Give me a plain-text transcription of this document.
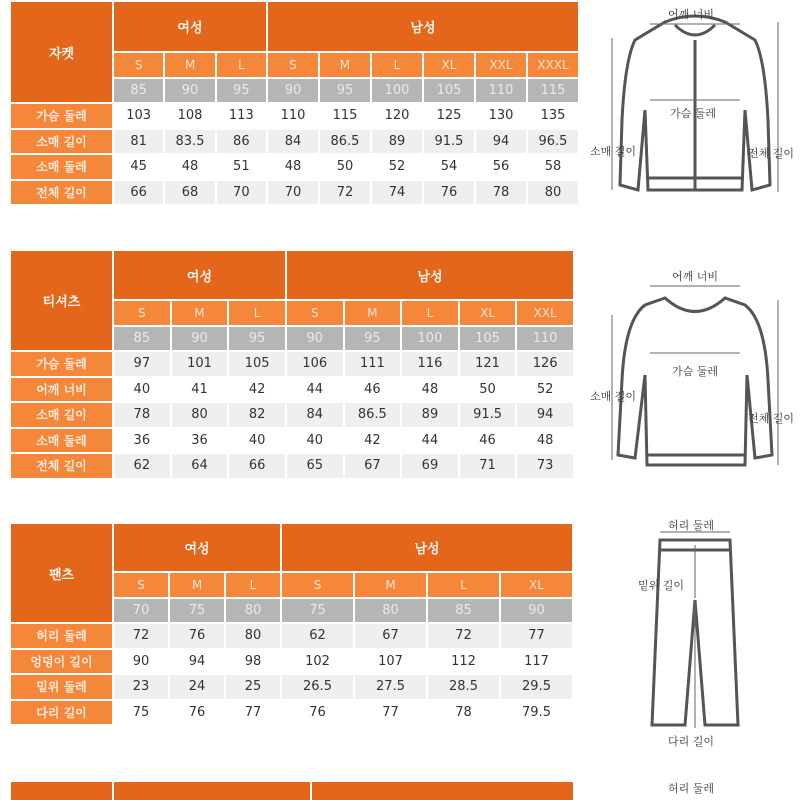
자켓
여성	남성
S	M	L	S	M	L	XL	XXL	XXXL
85	90	95	90	95	100	105	110	115
가슴 둘레	103	108	113	110	115	120	125	130	135
소매 길이	81	83.5	86	84	86.5	89	91.5	94	96.5
소매 둘레	45	48	51	48	50	52	54	56	58
전체 길이	66	68	70	70	72	74	76	78	80
티셔츠
여성	남성
S	M	L	S	M	L	XL	XXL
85	90	95	90	95	100	105	110
가슴 둘레	97	101	105	106	111	116	121	126
어깨 너비	40	41	42	44	46	48	50	52
소매 길이	78	80	82	84	86.5	89	91.5	94
소매 둘레	36	36	40	40	42	44	46	48
전체 길이	62	64	66	65	67	69	71	73
팬츠
여성	남성
S	M	L	S	M	L	XL
70	75	80	75	80	85	90
허리 둘레	72	76	80	62	67	72	77
엉덩이 길이	90	94	98	102	107	112	117
밑위 둘레	23	24	25	26.5	27.5	28.5	29.5
다리 길이	75	76	77	76	77	78	79.5
어깨 너비
가슴 둘레
소매 길이	전체 길이
어깨 너비
가슴 둘레
소매 길이
전체 길이
허리 둘레
밑위 길이
다리 길이
허리 둘레
